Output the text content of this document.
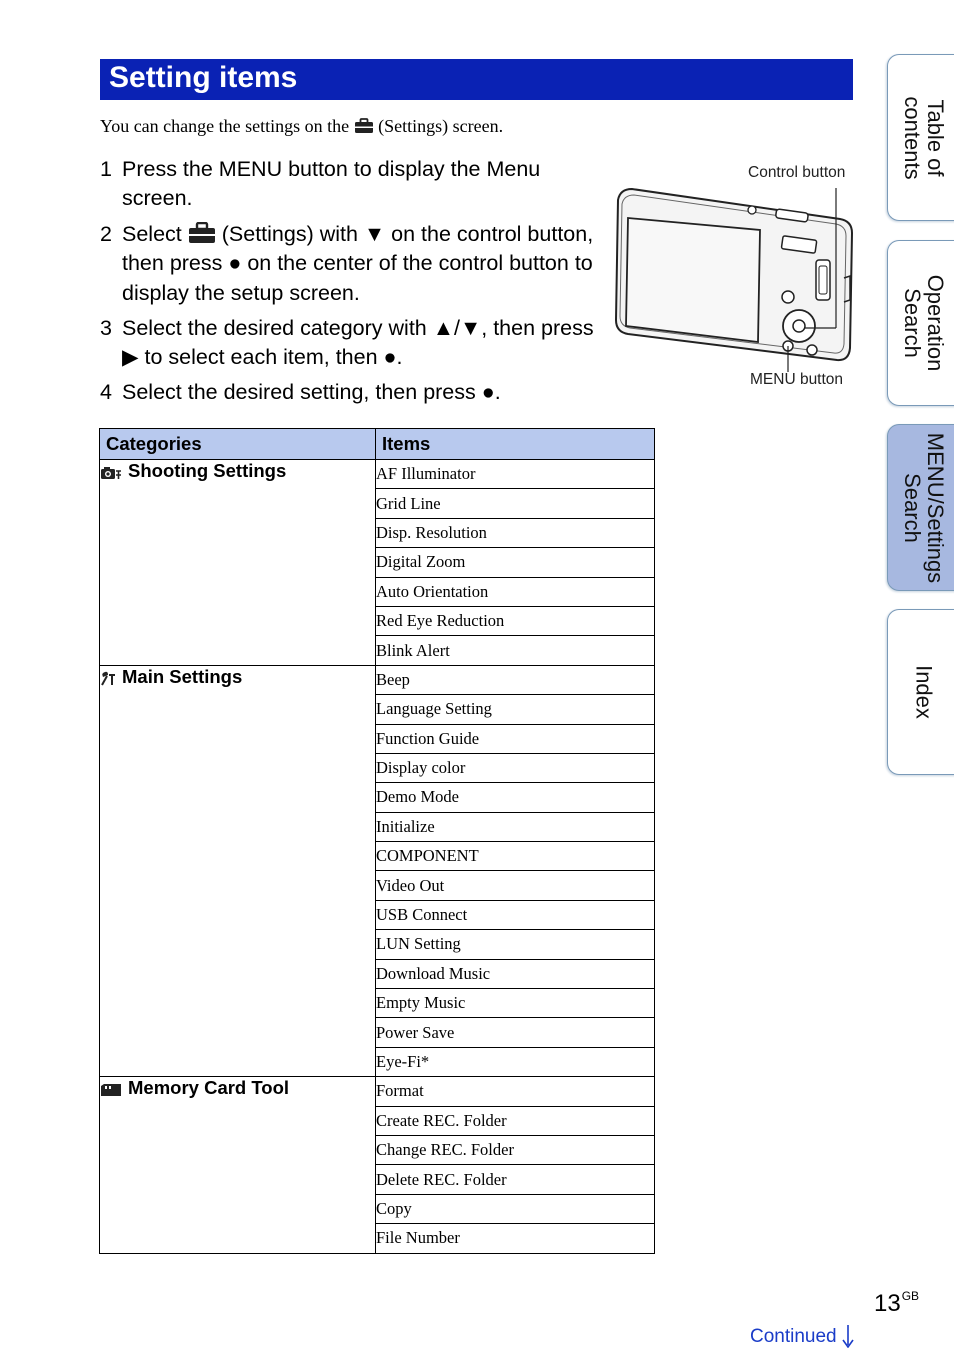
Setting items
You can change the settings on the (Settings) screen.
1 Press the MENU button to display the Menu screen.
2 Select (Settings) with ▼ on the control button, then press ● on the center of the control button to display the setup screen.
3 Select the desired category with ▲/▼, then press ▶ to select each item, then ●.
4 Select the desired setting, then press ●.
Control button
MENU button
Categories	Items
Shooting Settings	AF Illuminator
	Grid Line
	Disp. Resolution
	Digital Zoom
	Auto Orientation
	Red Eye Reduction
	Blink Alert
Main Settings	Beep
	Language Setting
	Function Guide
	Display color
	Demo Mode
	Initialize
	COMPONENT
	Video Out
	USB Connect
	LUN Setting
	Download Music
	Empty Music
	Power Save
	Eye-Fi*
Memory Card Tool	Format
	Create REC. Folder
	Change REC. Folder
	Delete REC. Folder
	Copy
	File Number
Table of
contents
Operation
Search
MENU/Settings
Search
Index
$13^{GB}$
Continued
